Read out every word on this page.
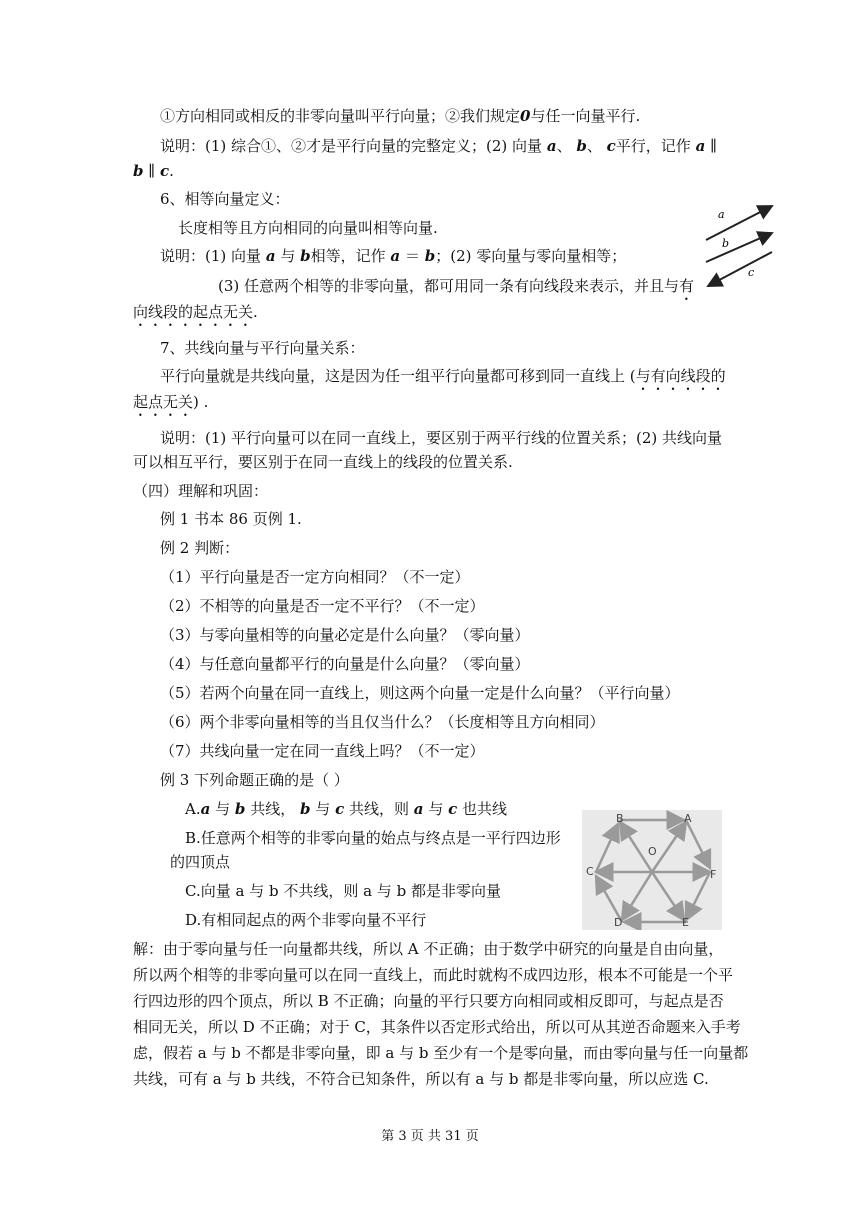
①方向相同或相反的非零向量叫平行向量；②我们规定0与任一向量平行.
说明：(1) 综合①、②才是平行向量的完整定义；(2) 向量 a、 b、 c平行，记作 a ∥
b ∥ c.
6、相等向量定义：
长度相等且方向相同的向量叫相等向量.
说明：(1) 向量 a 与 b相等，记作 a ＝ b；(2) 零向量与零向量相等；
(3) 任意两个相等的非零向量，都可用同一条有向线段来表示，并且与有
向线段的起点无关.
a
b
c
7、共线向量与平行向量关系：
平行向量就是共线向量，这是因为任一组平行向量都可移到同一直线上 (与有向线段的
起点无关) .
说明：(1) 平行向量可以在同一直线上，要区别于两平行线的位置关系；(2) 共线向量
可以相互平行，要区别于在同一直线上的线段的位置关系.
（四）理解和巩固：
例 1 书本 86 页例 1.
例 2 判断：
（1）平行向量是否一定方向相同？（不一定）
（2）不相等的向量是否一定不平行？（不一定）
（3）与零向量相等的向量必定是什么向量？（零向量）
（4）与任意向量都平行的向量是什么向量？（零向量）
（5）若两个向量在同一直线上，则这两个向量一定是什么向量？（平行向量）
（6）两个非零向量相等的当且仅当什么？（长度相等且方向相同）
（7）共线向量一定在同一直线上吗？（不一定）
例 3 下列命题正确的是（ ）
A.a 与 b 共线， b 与 c 共线，则 a 与 c 也共线
B.任意两个相等的非零向量的始点与终点是一平行四边形
的四顶点
C.向量 a 与 b 不共线，则 a 与 b 都是非零向量
D.有相同起点的两个非零向量不平行
B	A
O
C	F
D	E
解：由于零向量与任一向量都共线，所以 A 不正确；由于数学中研究的向量是自由向量，
所以两个相等的非零向量可以在同一直线上，而此时就构不成四边形，根本不可能是一个平
行四边形的四个顶点，所以 B 不正确；向量的平行只要方向相同或相反即可，与起点是否
相同无关，所以 D 不正确；对于 C，其条件以否定形式给出，所以可从其逆否命题来入手考
虑，假若 a 与 b 不都是非零向量，即 a 与 b 至少有一个是零向量，而由零向量与任一向量都
共线，可有 a 与 b 共线，不符合已知条件，所以有 a 与 b 都是非零向量，所以应选 C.
第 3 页 共 31 页
